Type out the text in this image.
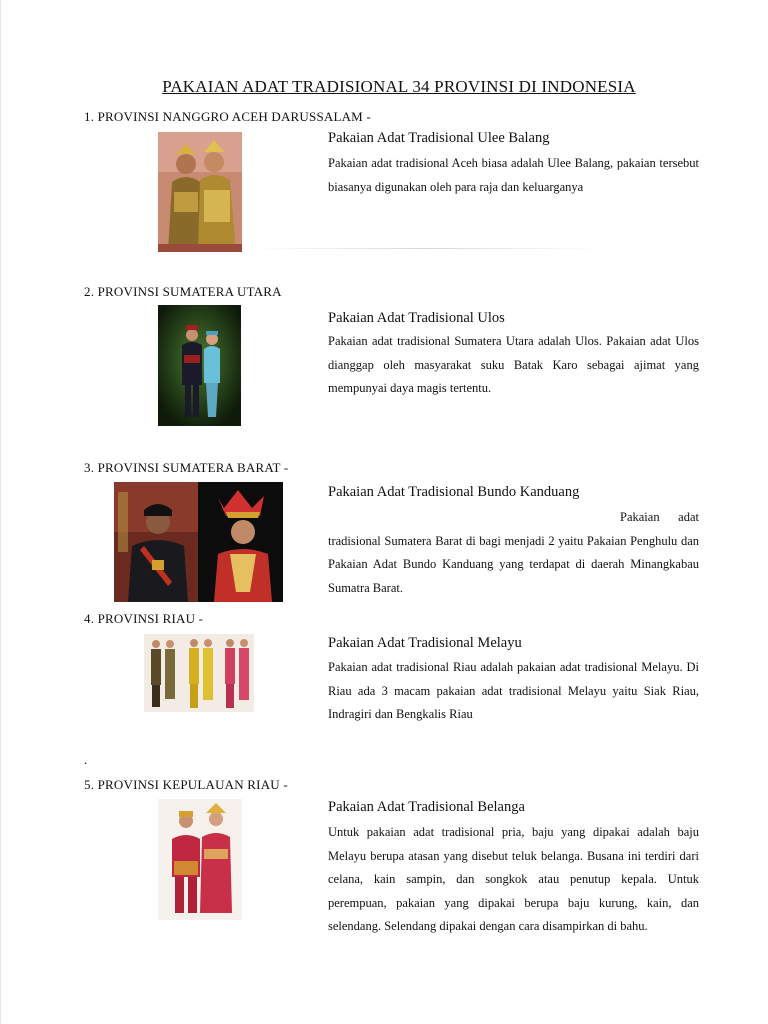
PAKAIAN ADAT TRADISIONAL 34 PROVINSI DI INDONESIA
1. PROVINSI NANGGRO ACEH DARUSSALAM -
Pakaian Adat Tradisional Ulee Balang
Pakaian adat tradisional Aceh biasa adalah Ulee Balang, pakaian tersebut biasanya digunakan oleh para raja dan keluarganya
2. PROVINSI SUMATERA UTARA
Pakaian Adat Tradisional Ulos
Pakaian adat tradisional Sumatera Utara adalah Ulos. Pakaian adat Ulos dianggap oleh masyarakat suku Batak Karo sebagai ajimat yang mempunyai daya magis tertentu.
3. PROVINSI SUMATERA BARAT -
Pakaian Adat Tradisional Bundo Kanduang
Pakaian adat tradisional Sumatera Barat di bagi menjadi 2 yaitu Pakaian Penghulu dan Pakaian Adat Bundo Kanduang yang terdapat di daerah Minangkabau Sumatra Barat.
4. PROVINSI RIAU -
Pakaian Adat Tradisional Melayu
Pakaian adat tradisional Riau adalah pakaian adat tradisional Melayu. Di Riau ada 3 macam pakaian adat tradisional Melayu yaitu Siak Riau, Indragiri dan Bengkalis Riau
.
5. PROVINSI KEPULAUAN RIAU -
Pakaian Adat Tradisional Belanga
Untuk pakaian adat tradisional pria, baju yang dipakai adalah baju Melayu berupa atasan yang disebut teluk belanga. Busana ini terdiri dari celana, kain sampin, dan songkok atau penutup kepala. Untuk perempuan, pakaian yang dipakai berupa baju kurung, kain, dan selendang. Selendang dipakai dengan cara disampirkan di bahu.
